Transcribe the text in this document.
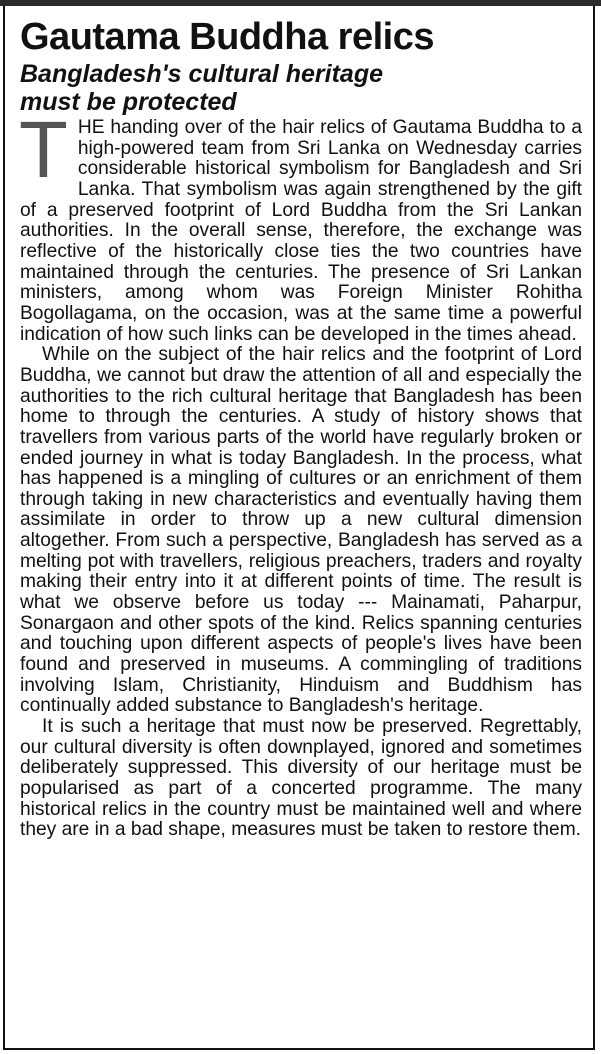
Gautama Buddha relics
Bangladesh's cultural heritage must be protected

THE handing over of the hair relics of Gautama Buddha to a high-powered team from Sri Lanka on Wednesday carries considerable historical symbolism for Bangladesh and Sri Lanka. That symbolism was again strengthened by the gift of a preserved footprint of Lord Buddha from the Sri Lankan authorities. In the overall sense, therefore, the exchange was reflective of the historically close ties the two countries have maintained through the centuries. The presence of Sri Lankan ministers, among whom was Foreign Minister Rohitha Bogollagama, on the occasion, was at the same time a powerful indication of how such links can be developed in the times ahead.

While on the subject of the hair relics and the footprint of Lord Buddha, we cannot but draw the attention of all and especially the authorities to the rich cultural heritage that Bangladesh has been home to through the centuries. A study of history shows that travellers from various parts of the world have regularly broken or ended journey in what is today Bangladesh. In the process, what has happened is a mingling of cultures or an enrichment of them through taking in new characteristics and eventually having them assimilate in order to throw up a new cultural dimension altogether. From such a perspective, Bangladesh has served as a melting pot with travellers, religious preachers, traders and royalty making their entry into it at different points of time. The result is what we observe before us today --- Mainamati, Paharpur, Sonargaon and other spots of the kind. Relics spanning centuries and touching upon different aspects of people's lives have been found and preserved in museums. A commingling of traditions involving Islam, Christianity, Hinduism and Buddhism has continually added substance to Bangladesh's heritage.

It is such a heritage that must now be preserved. Regrettably, our cultural diversity is often downplayed, ignored and sometimes deliberately suppressed. This diversity of our heritage must be popularised as part of a concerted programme. The many historical relics in the country must be maintained well and where they are in a bad shape, measures must be taken to restore them.
